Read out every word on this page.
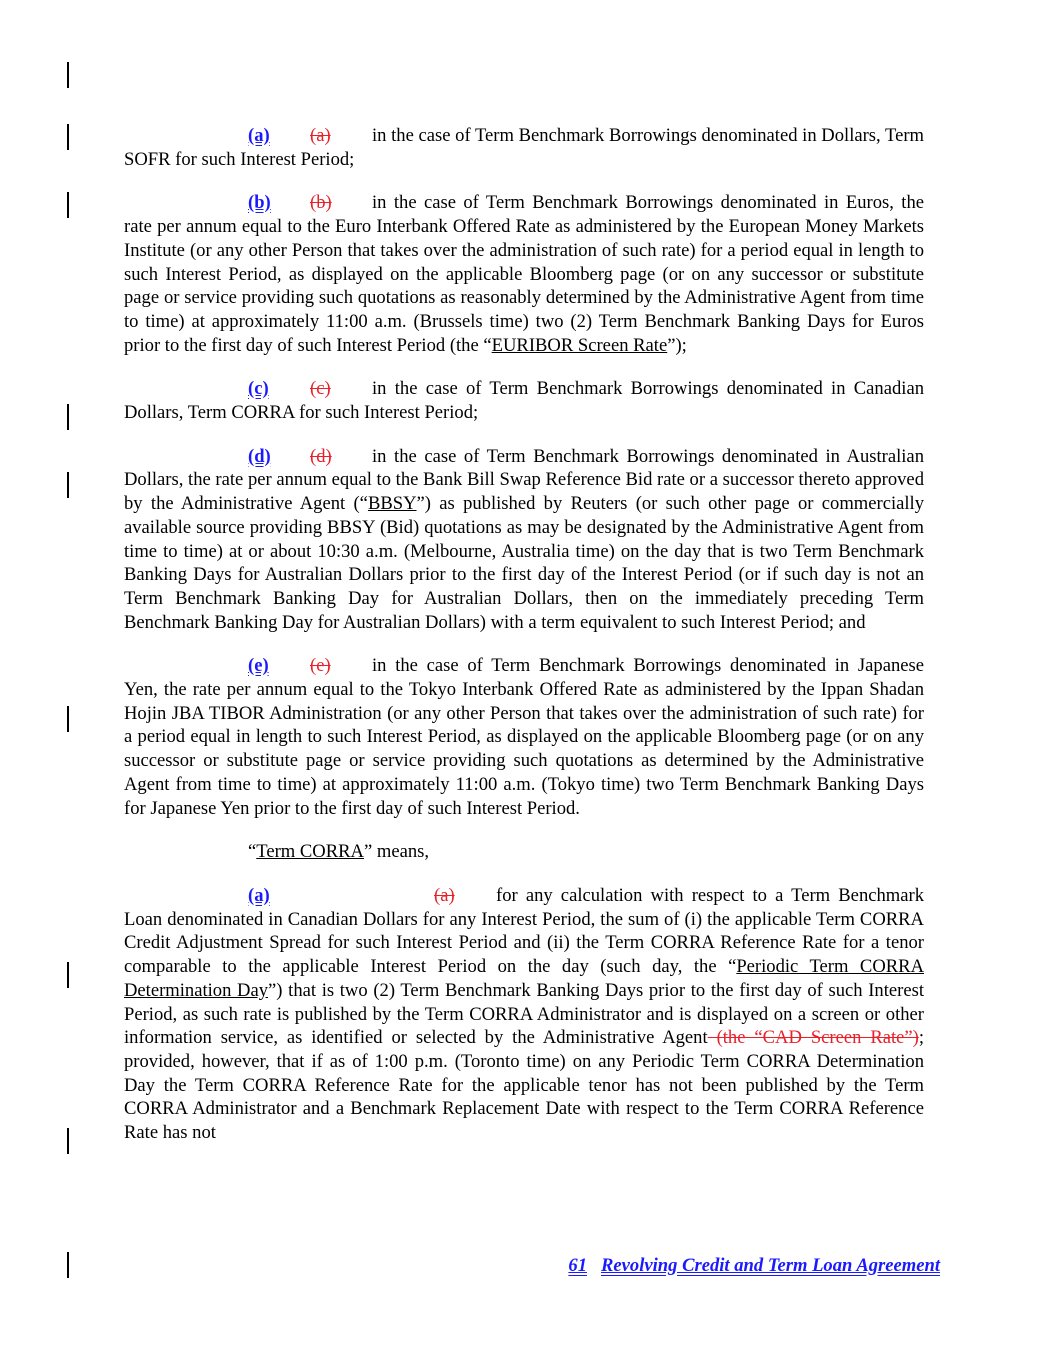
(a) (a) in the case of Term Benchmark Borrowings denominated in Dollars, Term SOFR for such Interest Period;

(b) (b) in the case of Term Benchmark Borrowings denominated in Euros, the rate per annum equal to the Euro Interbank Offered Rate as administered by the European Money Markets Institute (or any other Person that takes over the administration of such rate) for a period equal in length to such Interest Period, as displayed on the applicable Bloomberg page (or on any successor or substitute page or service providing such quotations as reasonably determined by the Administrative Agent from time to time) at approximately 11:00 a.m. (Brussels time) two (2) Term Benchmark Banking Days for Euros prior to the first day of such Interest Period (the “EURIBOR Screen Rate”);

(c) (c) in the case of Term Benchmark Borrowings denominated in Canadian Dollars, Term CORRA for such Interest Period;

(d) (d) in the case of Term Benchmark Borrowings denominated in Australian Dollars, the rate per annum equal to the Bank Bill Swap Reference Bid rate or a successor thereto approved by the Administrative Agent (“BBSY”) as published by Reuters (or such other page or commercially available source providing BBSY (Bid) quotations as may be designated by the Administrative Agent from time to time) at or about 10:30 a.m. (Melbourne, Australia time) on the day that is two Term Benchmark Banking Days for Australian Dollars prior to the first day of the Interest Period (or if such day is not an Term Benchmark Banking Day for Australian Dollars, then on the immediately preceding Term Benchmark Banking Day for Australian Dollars) with a term equivalent to such Interest Period; and

(e) (e) in the case of Term Benchmark Borrowings denominated in Japanese Yen, the rate per annum equal to the Tokyo Interbank Offered Rate as administered by the Ippan Shadan Hojin JBA TIBOR Administration (or any other Person that takes over the administration of such rate) for a period equal in length to such Interest Period, as displayed on the applicable Bloomberg page (or on any successor or substitute page or service providing such quotations as determined by the Administrative Agent from time to time) at approximately 11:00 a.m. (Tokyo time) two Term Benchmark Banking Days for Japanese Yen prior to the first day of such Interest Period.

“Term CORRA” means,

(a)	(a) for any calculation with respect to a Term Benchmark Loan denominated in Canadian Dollars for any Interest Period, the sum of (i) the applicable Term CORRA Credit Adjustment Spread for such Interest Period and (ii) the Term CORRA Reference Rate for a tenor comparable to the applicable Interest Period on the day (such day, the “Periodic Term CORRA Determination Day”) that is two (2) Term Benchmark Banking Days prior to the first day of such Interest Period, as such rate is published by the Term CORRA Administrator and is displayed on a screen or other information service, as identified or selected by the Administrative Agent (the “CAD Screen Rate”); provided, however, that if as of 1:00 p.m. (Toronto time) on any Periodic Term CORRA Determination Day the Term CORRA Reference Rate for the applicable tenor has not been published by the Term CORRA Administrator and a Benchmark Replacement Date with respect to the Term CORRA Reference Rate has not

61 Revolving Credit and Term Loan Agreement
